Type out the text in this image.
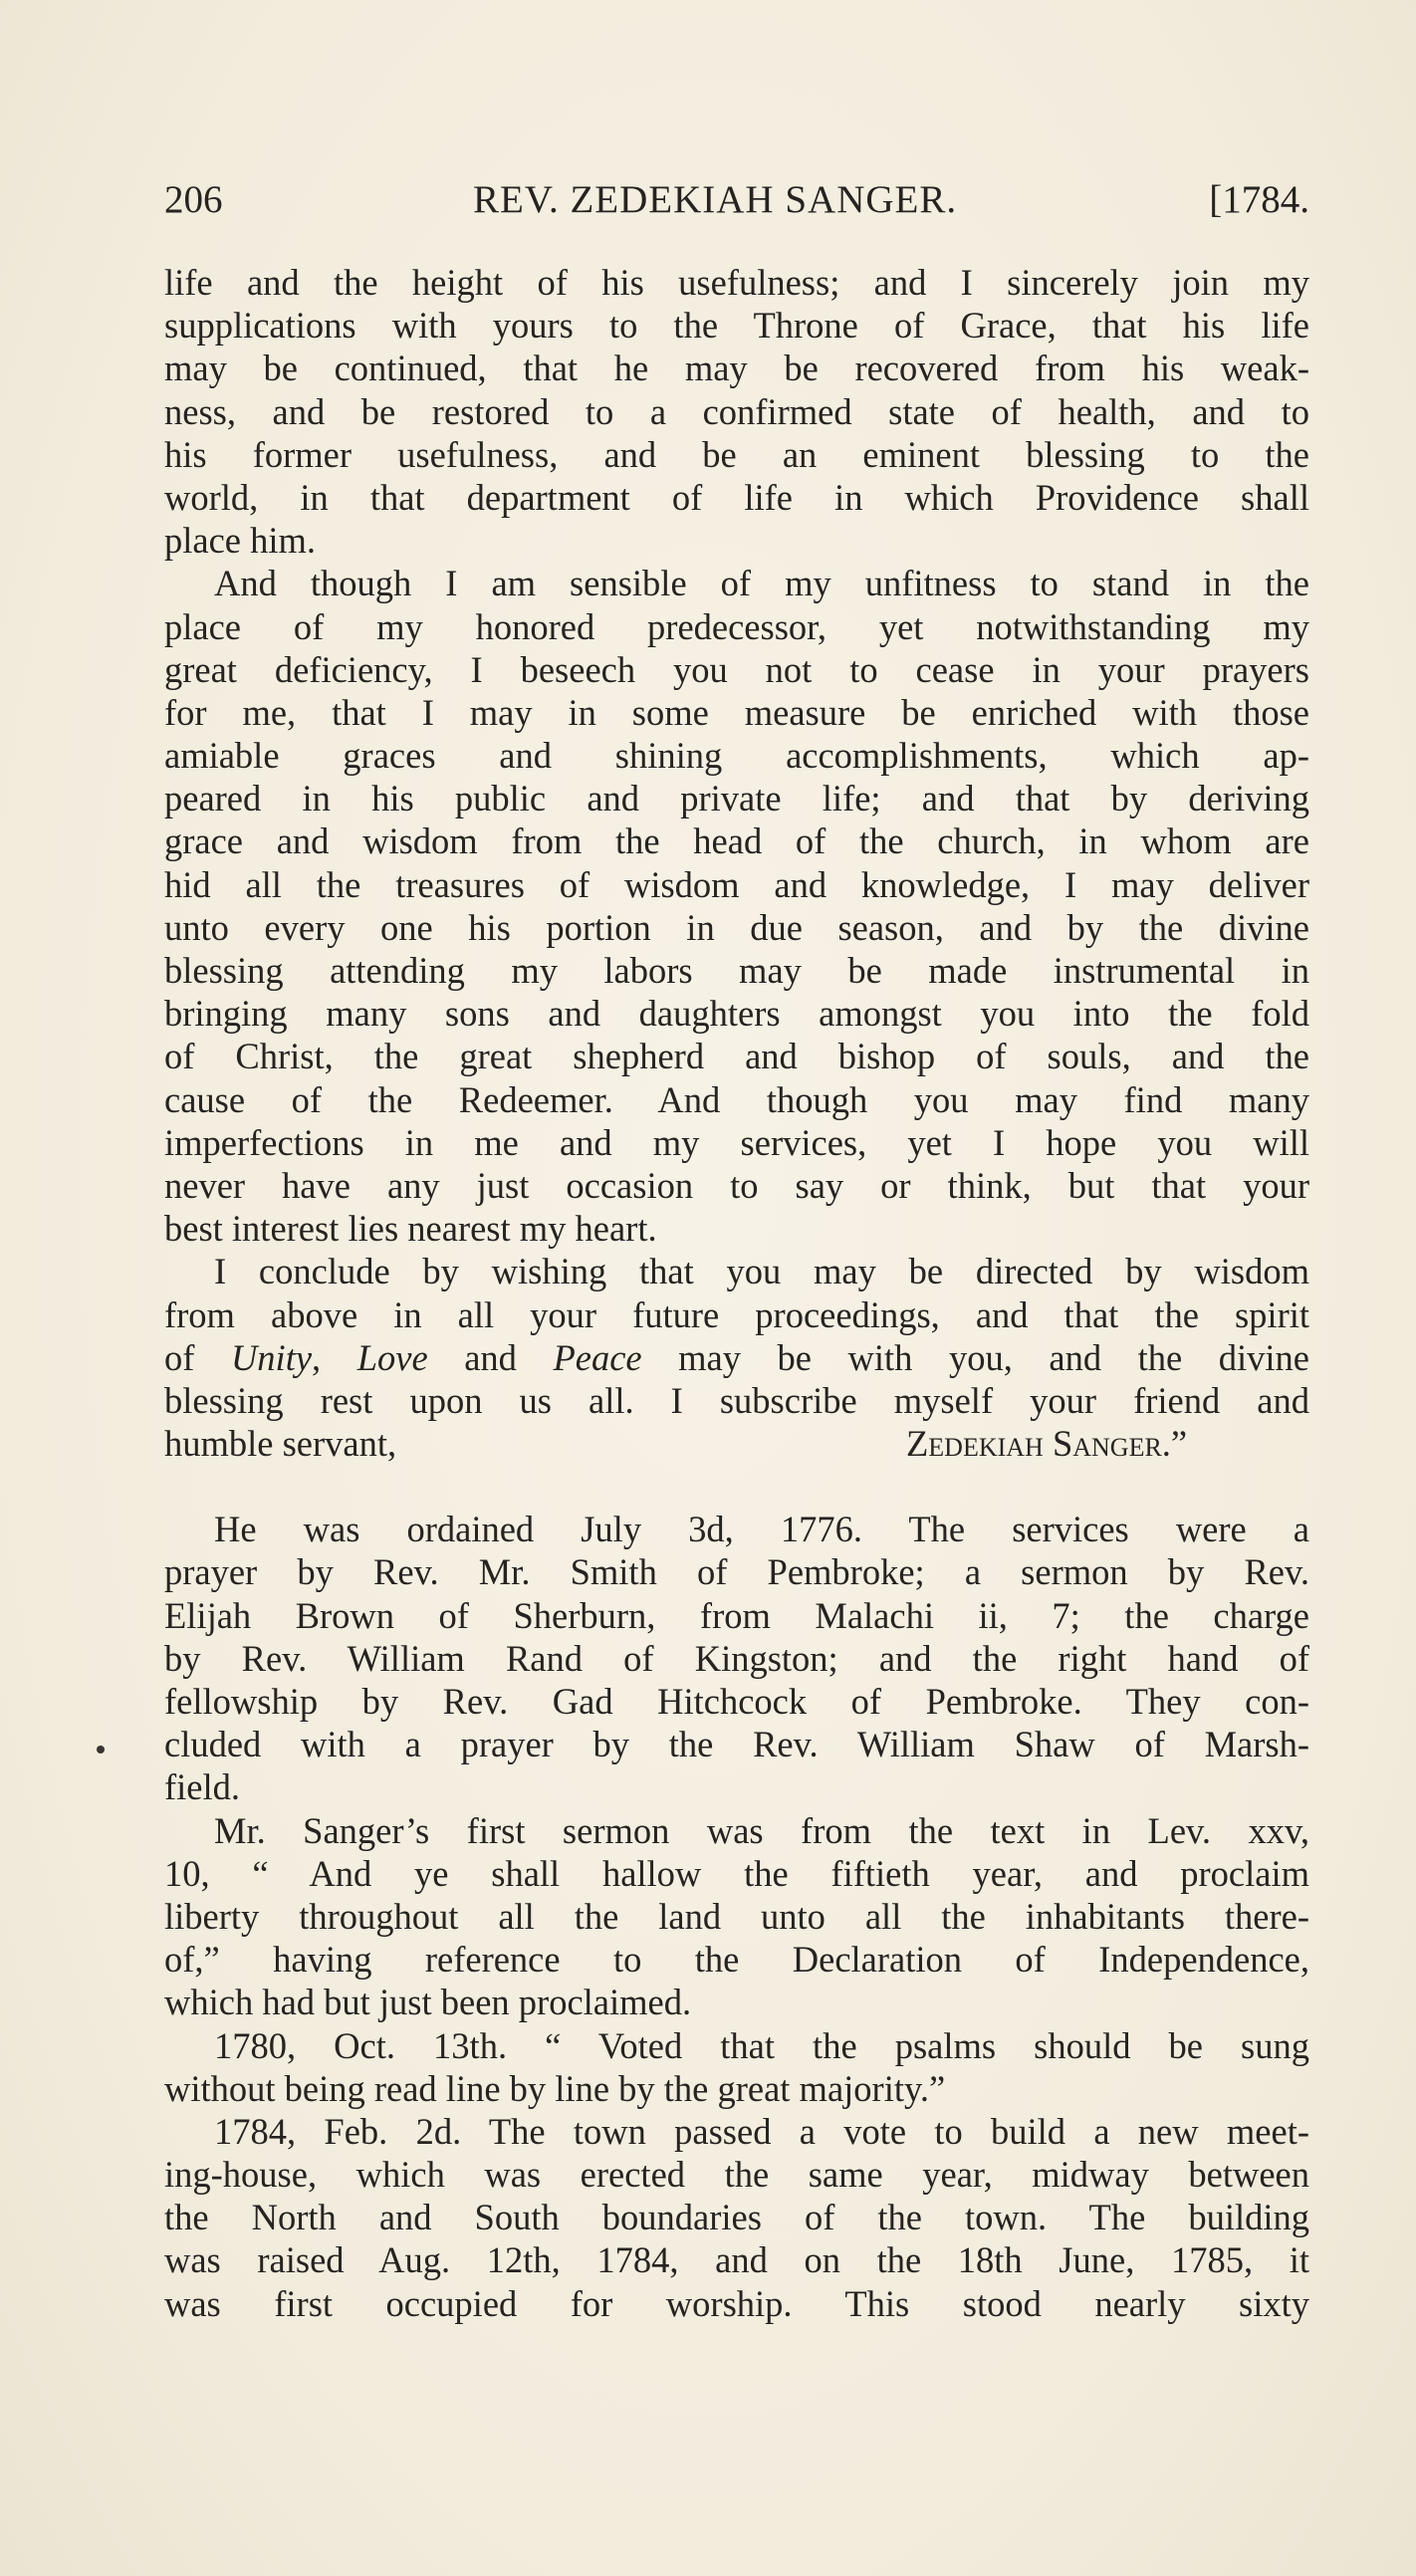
206	REV. ZEDEKIAH SANGER.	[1784.
life and the height of his usefulness; and I sincerely join my
supplications with yours to the Throne of Grace, that his life
may be continued, that he may be recovered from his weak-
ness, and be restored to a confirmed state of health, and to
his former usefulness, and be an eminent blessing to the
world, in that department of life in which Providence shall
place him.
And though I am sensible of my unfitness to stand in the
place of my honored predecessor, yet notwithstanding my
great deficiency, I beseech you not to cease in your prayers
for me, that I may in some measure be enriched with those
amiable graces and shining accomplishments, which ap-
peared in his public and private life; and that by deriving
grace and wisdom from the head of the church, in whom are
hid all the treasures of wisdom and knowledge, I may deliver
unto every one his portion in due season, and by the divine
blessing attending my labors may be made instrumental in
bringing many sons and daughters amongst you into the fold
of Christ, the great shepherd and bishop of souls, and the
cause of the Redeemer. And though you may find many
imperfections in me and my services, yet I hope you will
never have any just occasion to say or think, but that your
best interest lies nearest my heart.
I conclude by wishing that you may be directed by wisdom
from above in all your future proceedings, and that the spirit
of Unity, Love and Peace may be with you, and the divine
blessing rest upon us all. I subscribe myself your friend and
humble servant,	Zedekiah Sanger.”
He was ordained July 3d, 1776. The services were a
prayer by Rev. Mr. Smith of Pembroke; a sermon by Rev.
Elijah Brown of Sherburn, from Malachi ii, 7; the charge
by Rev. William Rand of Kingston; and the right hand of
fellowship by Rev. Gad Hitchcock of Pembroke. They con-
cluded with a prayer by the Rev. William Shaw of Marsh-
field.
Mr. Sanger’s first sermon was from the text in Lev. xxv,
10, “ And ye shall hallow the fiftieth year, and proclaim
liberty throughout all the land unto all the inhabitants there-
of,” having reference to the Declaration of Independence,
which had but just been proclaimed.
1780, Oct. 13th. “ Voted that the psalms should be sung
without being read line by line by the great majority.”
1784, Feb. 2d. The town passed a vote to build a new meet-
ing-house, which was erected the same year, midway between
the North and South boundaries of the town. The building
was raised Aug. 12th, 1784, and on the 18th June, 1785, it
was first occupied for worship. This stood nearly sixty
